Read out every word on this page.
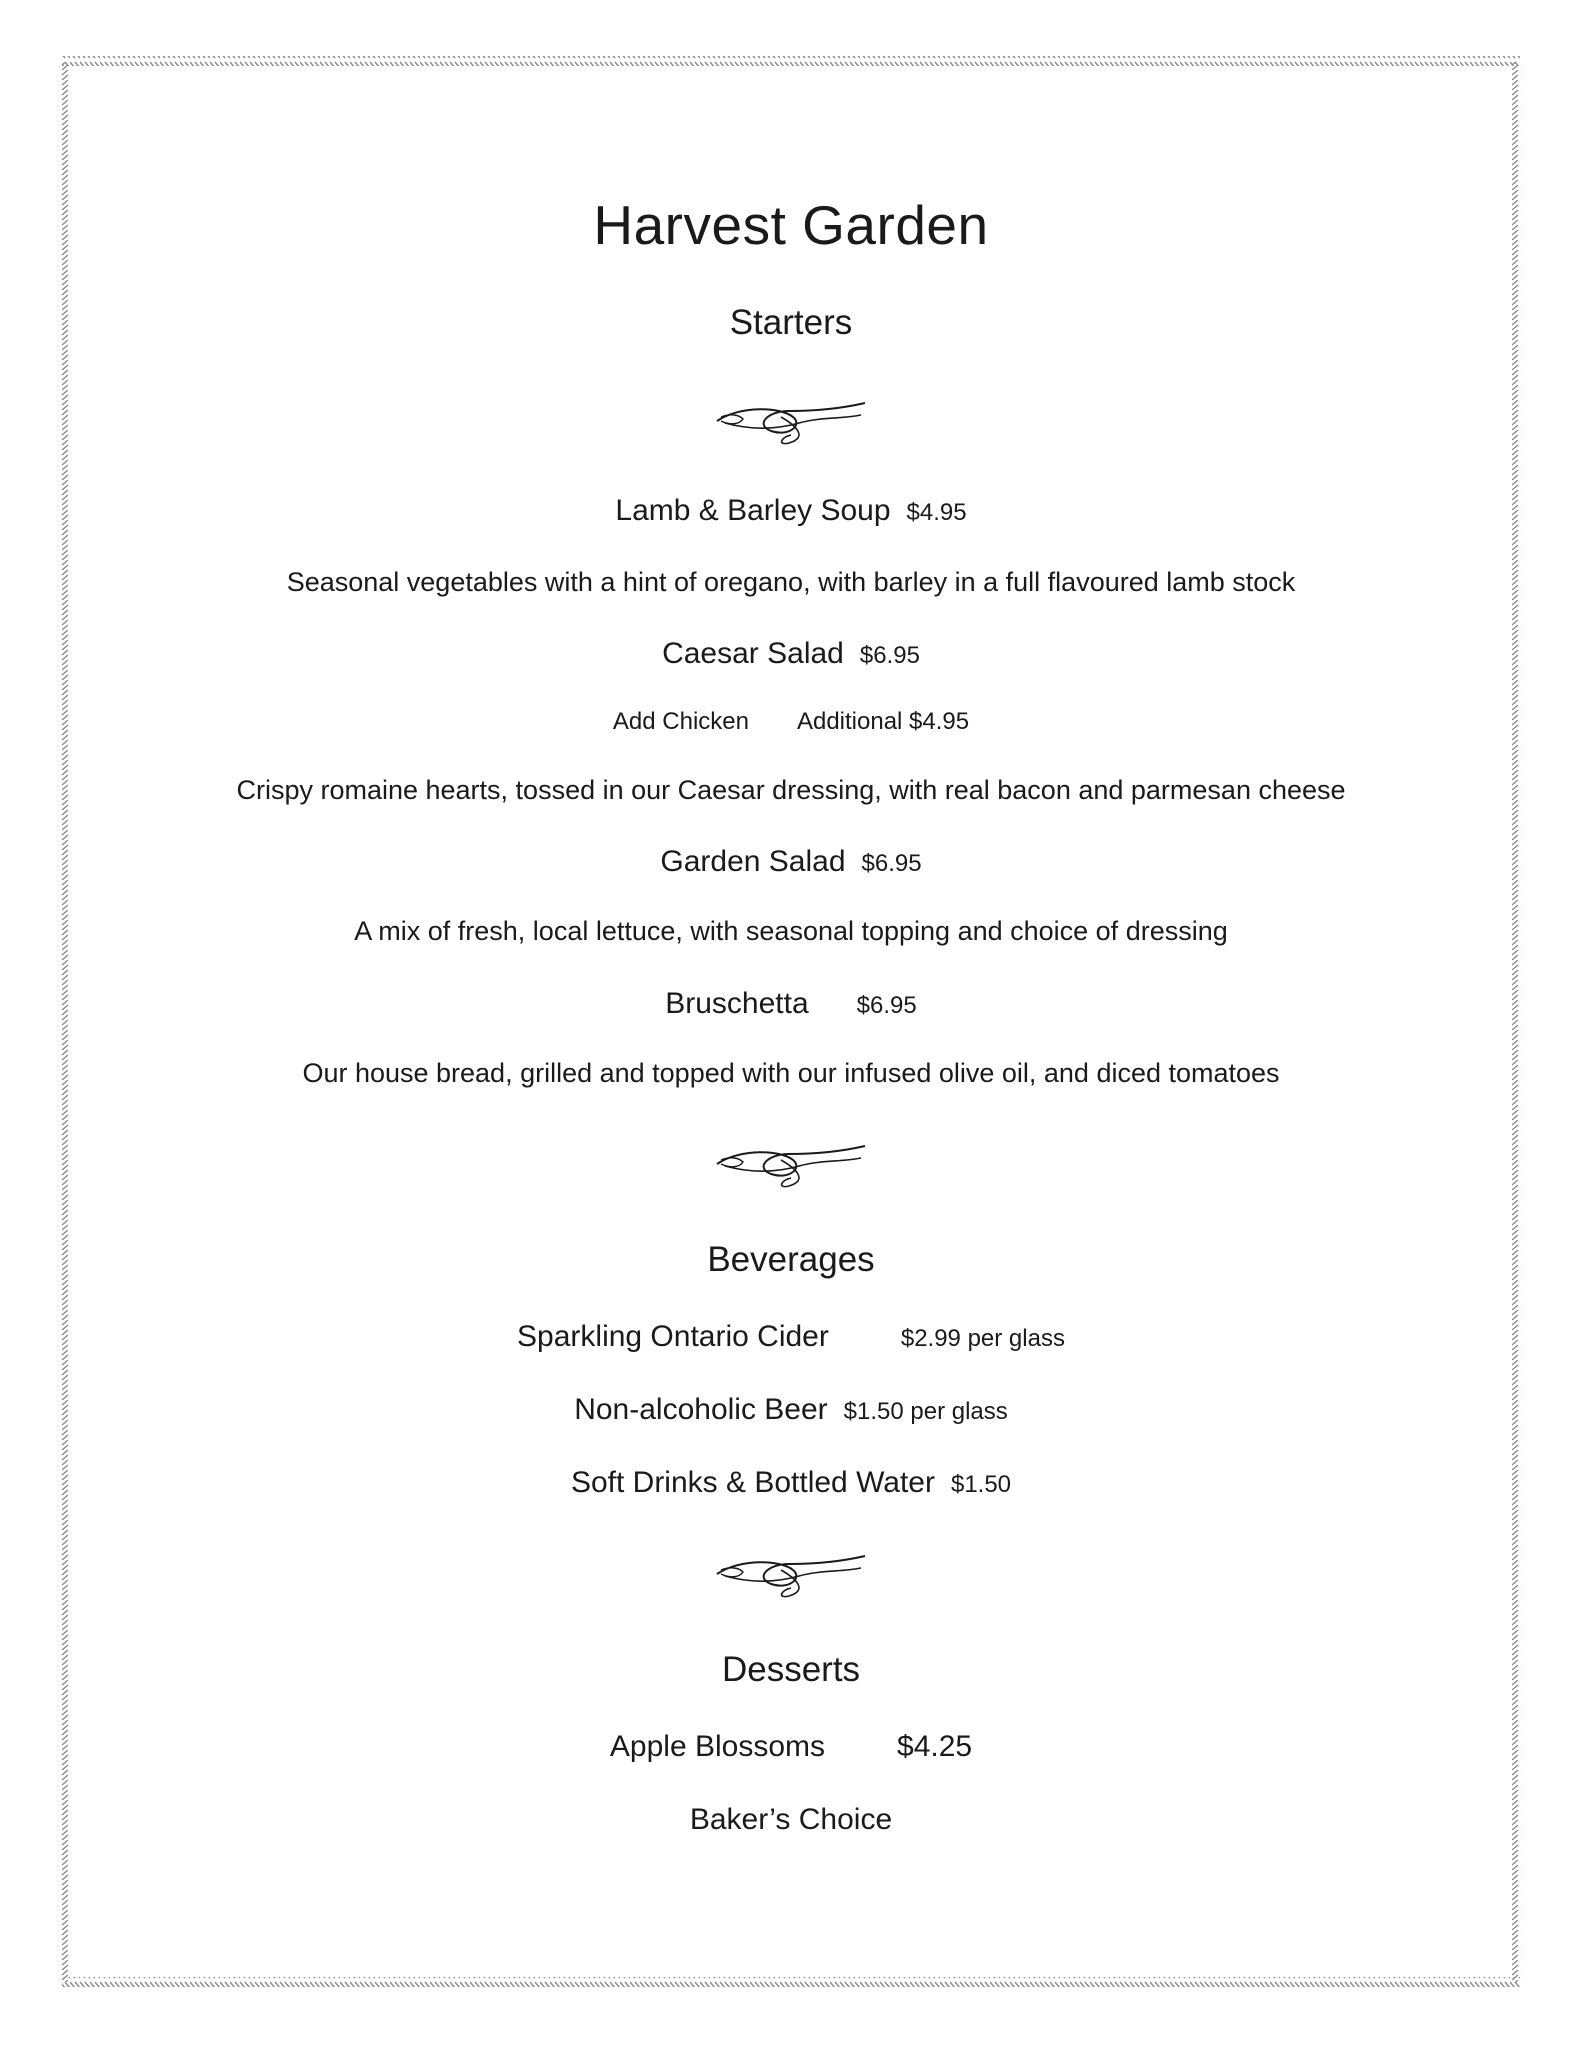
Harvest Garden
Starters
Lamb & Barley Soup $4.95
Seasonal vegetables with a hint of oregano, with barley in a full flavoured lamb stock
Caesar Salad $6.95
Add Chicken Additional $4.95
Crispy romaine hearts, tossed in our Caesar dressing, with real bacon and parmesan cheese
Garden Salad $6.95
A mix of fresh, local lettuce, with seasonal topping and choice of dressing
Bruschetta $6.95
Our house bread, grilled and topped with our infused olive oil, and diced tomatoes
Beverages
Sparkling Ontario Cider	$2.99 per glass
Non-alcoholic Beer $1.50 per glass
Soft Drinks & Bottled Water $1.50
Desserts
Apple Blossoms $4.25
Baker’s Choice
